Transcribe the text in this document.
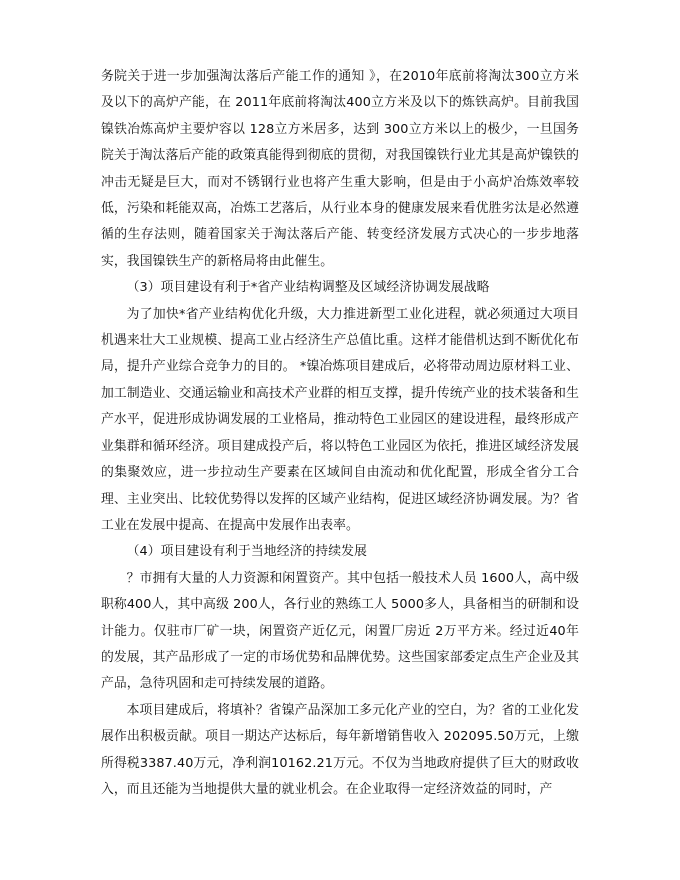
务院关于进一步加强淘汰落后产能工作的通知 》，在2010年底前将淘汰300立方米及以下的高炉产能，在 2011年底前将淘汰400立方米及以下的炼铁高炉。目前我国镍铁冶炼高炉主要炉容以 128立方米居多，达到 300立方米以上的极少，一旦国务院关于淘汰落后产能的政策真能得到彻底的贯彻，对我国镍铁行业尤其是高炉镍铁的冲击无疑是巨大，而对不锈钢行业也将产生重大影响，但是由于小高炉冶炼效率较低，污染和耗能双高，冶炼工艺落后，从行业本身的健康发展来看优胜劣汰是必然遵循的生存法则，随着国家关于淘汰落后产能、转变经济发展方式决心的一步步地落实，我国镍铁生产的新格局将由此催生。

（3）项目建设有利于*省产业结构调整及区域经济协调发展战略

为了加快*省产业结构优化升级，大力推进新型工业化进程，就必须通过大项目机遇来壮大工业规模、提高工业占经济生产总值比重。这样才能借机达到不断优化布局，提升产业综合竞争力的目的。 *镍冶炼项目建成后，必将带动周边原材料工业、加工制造业、交通运输业和高技术产业群的相互支撑，提升传统产业的技术装备和生产水平，促进形成协调发展的工业格局，推动特色工业园区的建设进程，最终形成产业集群和循环经济。项目建成投产后，将以特色工业园区为依托，推进区域经济发展的集聚效应，进一步拉动生产要素在区域间自由流动和优化配置，形成全省分工合理、主业突出、比较优势得以发挥的区域产业结构，促进区域经济协调发展。为？省工业在发展中提高、在提高中发展作出表率。

（4）项目建设有利于当地经济的持续发展

？市拥有大量的人力资源和闲置资产。其中包括一般技术人员 1600人，高中级职称400人，其中高级 200人，各行业的熟练工人 5000多人，具备相当的研制和设计能力。仅驻市厂矿一块，闲置资产近亿元，闲置厂房近 2万平方米。经过近40年的发展，其产品形成了一定的市场优势和品牌优势。这些国家部委定点生产企业及其产品，急待巩固和走可持续发展的道路。

本项目建成后，将填补？省镍产品深加工多元化产业的空白，为？省的工业化发展作出积极贡献。项目一期达产达标后，每年新增销售收入 202095.50万元，上缴所得税3387.40万元，净利润10162.21万元。不仅为当地政府提供了巨大的财政收入，而且还能为当地提供大量的就业机会。在企业取得一定经济效益的同时，产
